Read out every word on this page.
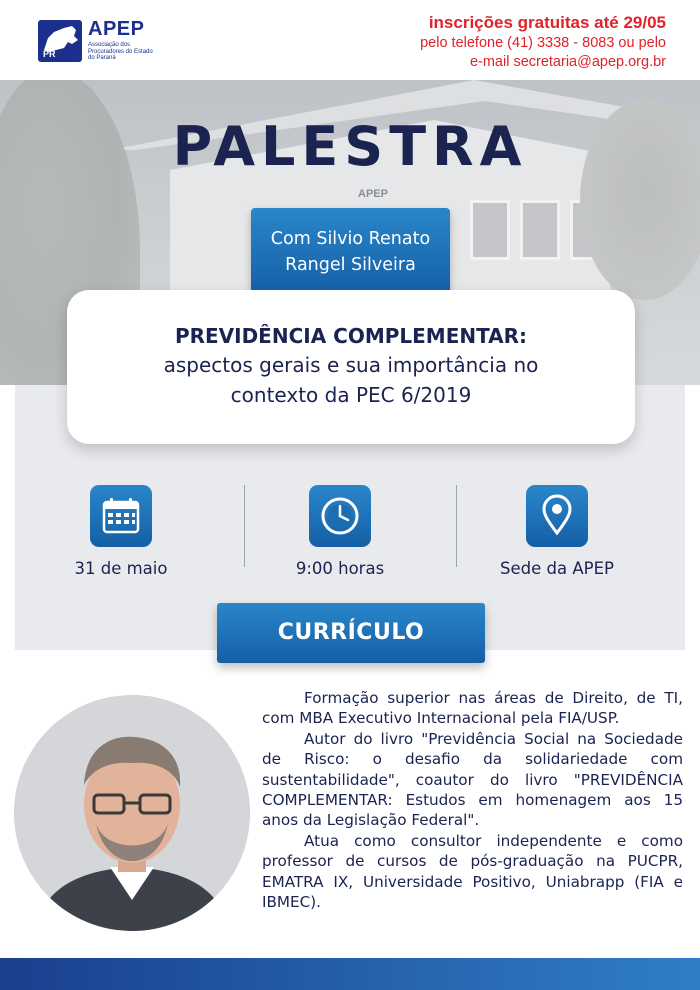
PR
APEP
Associação dos Procuradores do Estado do Paraná
inscrições gratuitas até 29/05
pelo telefone (41) 3338 - 8083 ou pelo
e-mail secretaria@apep.org.br
APEP
PALESTRA
Com Silvio Renato
Rangel Silveira
PREVIDÊNCIA COMPLEMENTAR:
aspectos gerais e sua importância no
contexto da PEC 6/2019
31 de maio	9:00 horas	Sede da APEP
CURRÍCULO

Formação superior nas áreas de Direito, de TI, com MBA Executivo Internacional pela FIA/USP.

Autor do livro "Previdência Social na Sociedade de Risco: o desafio da solidariedade com sustentabilidade", coautor do livro "PREVIDÊNCIA COMPLEMENTAR: Estudos em homenagem aos 15 anos da Legislação Federal".

Atua como consultor independente e como professor de cursos de pós-graduação na PUCPR, EMATRA IX, Universidade Positivo, Uniabrapp (FIA e IBMEC).
